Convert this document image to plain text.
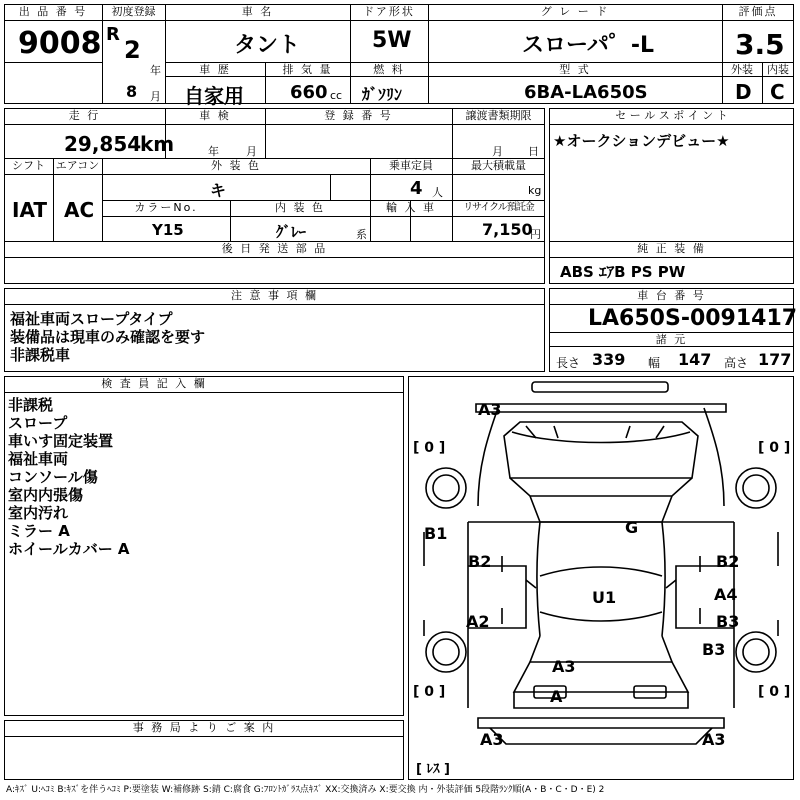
出 品 番 号
9008
初度登録
R
2
年
8 月
車 名
タント
ドア形状
5W
グ レ ー ド
スローパ゜-L
評価点
3.5
車 歴
自家用
排 気 量
660 cc
燃 料
ｶﾞｿﾘﾝ
型 式
6BA-LA650S
外装
D
内装
C
走 行
29,854
km
車 検
年 月
登 録 番 号	譲渡書類期限
月 日
シフト
IAT
エアコン
AC
外 装 色
キ
乗車定員
4 人
最大積載量
kg
カラーNo.
Y15
内 装 色
ｸﾞﾚｰ	系
輸 入 車	リサイクル預託金
7,150
円
後 日 発 送 部 品
セ ー ル ス ポ イ ン ト
★オークションデビュー★
純 正 装 備
ABS ｴｱB PS PW
注 意 事 項 欄
福祉車両スロープタイプ
装備品は現車のみ確認を要す
非課税車
車 台 番 号
LA650S-0091417
諸 元
長さ 339 幅 147 高さ 177
検 査 員 記 入 欄
非課税
スロープ
車いす固定装置
福祉車両
コンソール傷
室内内張傷
室内汚れ
ミラー A
ホイールカバー A
事 務 局 よ り ご 案 内
A3
G
B1
B2	B2
A4
U1
B3
A2
B3
A3
A
A3	A3
[ 0 ]	[ 0 ]
[ 0 ]	[ 0 ]
[ ﾚｽ ]
A:ｷｽﾞ U:ﾍｺﾐ B:ｷｽﾞを伴うﾍｺﾐ P:要塗装 W:補修跡 S:錆 C:腐食 G:ﾌﾛﾝﾄｶﾞﾗｽ点ｷｽﾞ XX:交換済み X:要交換 内・外装評価 5段階ﾗﾝｸ順(A・B・C・D・E) 2
